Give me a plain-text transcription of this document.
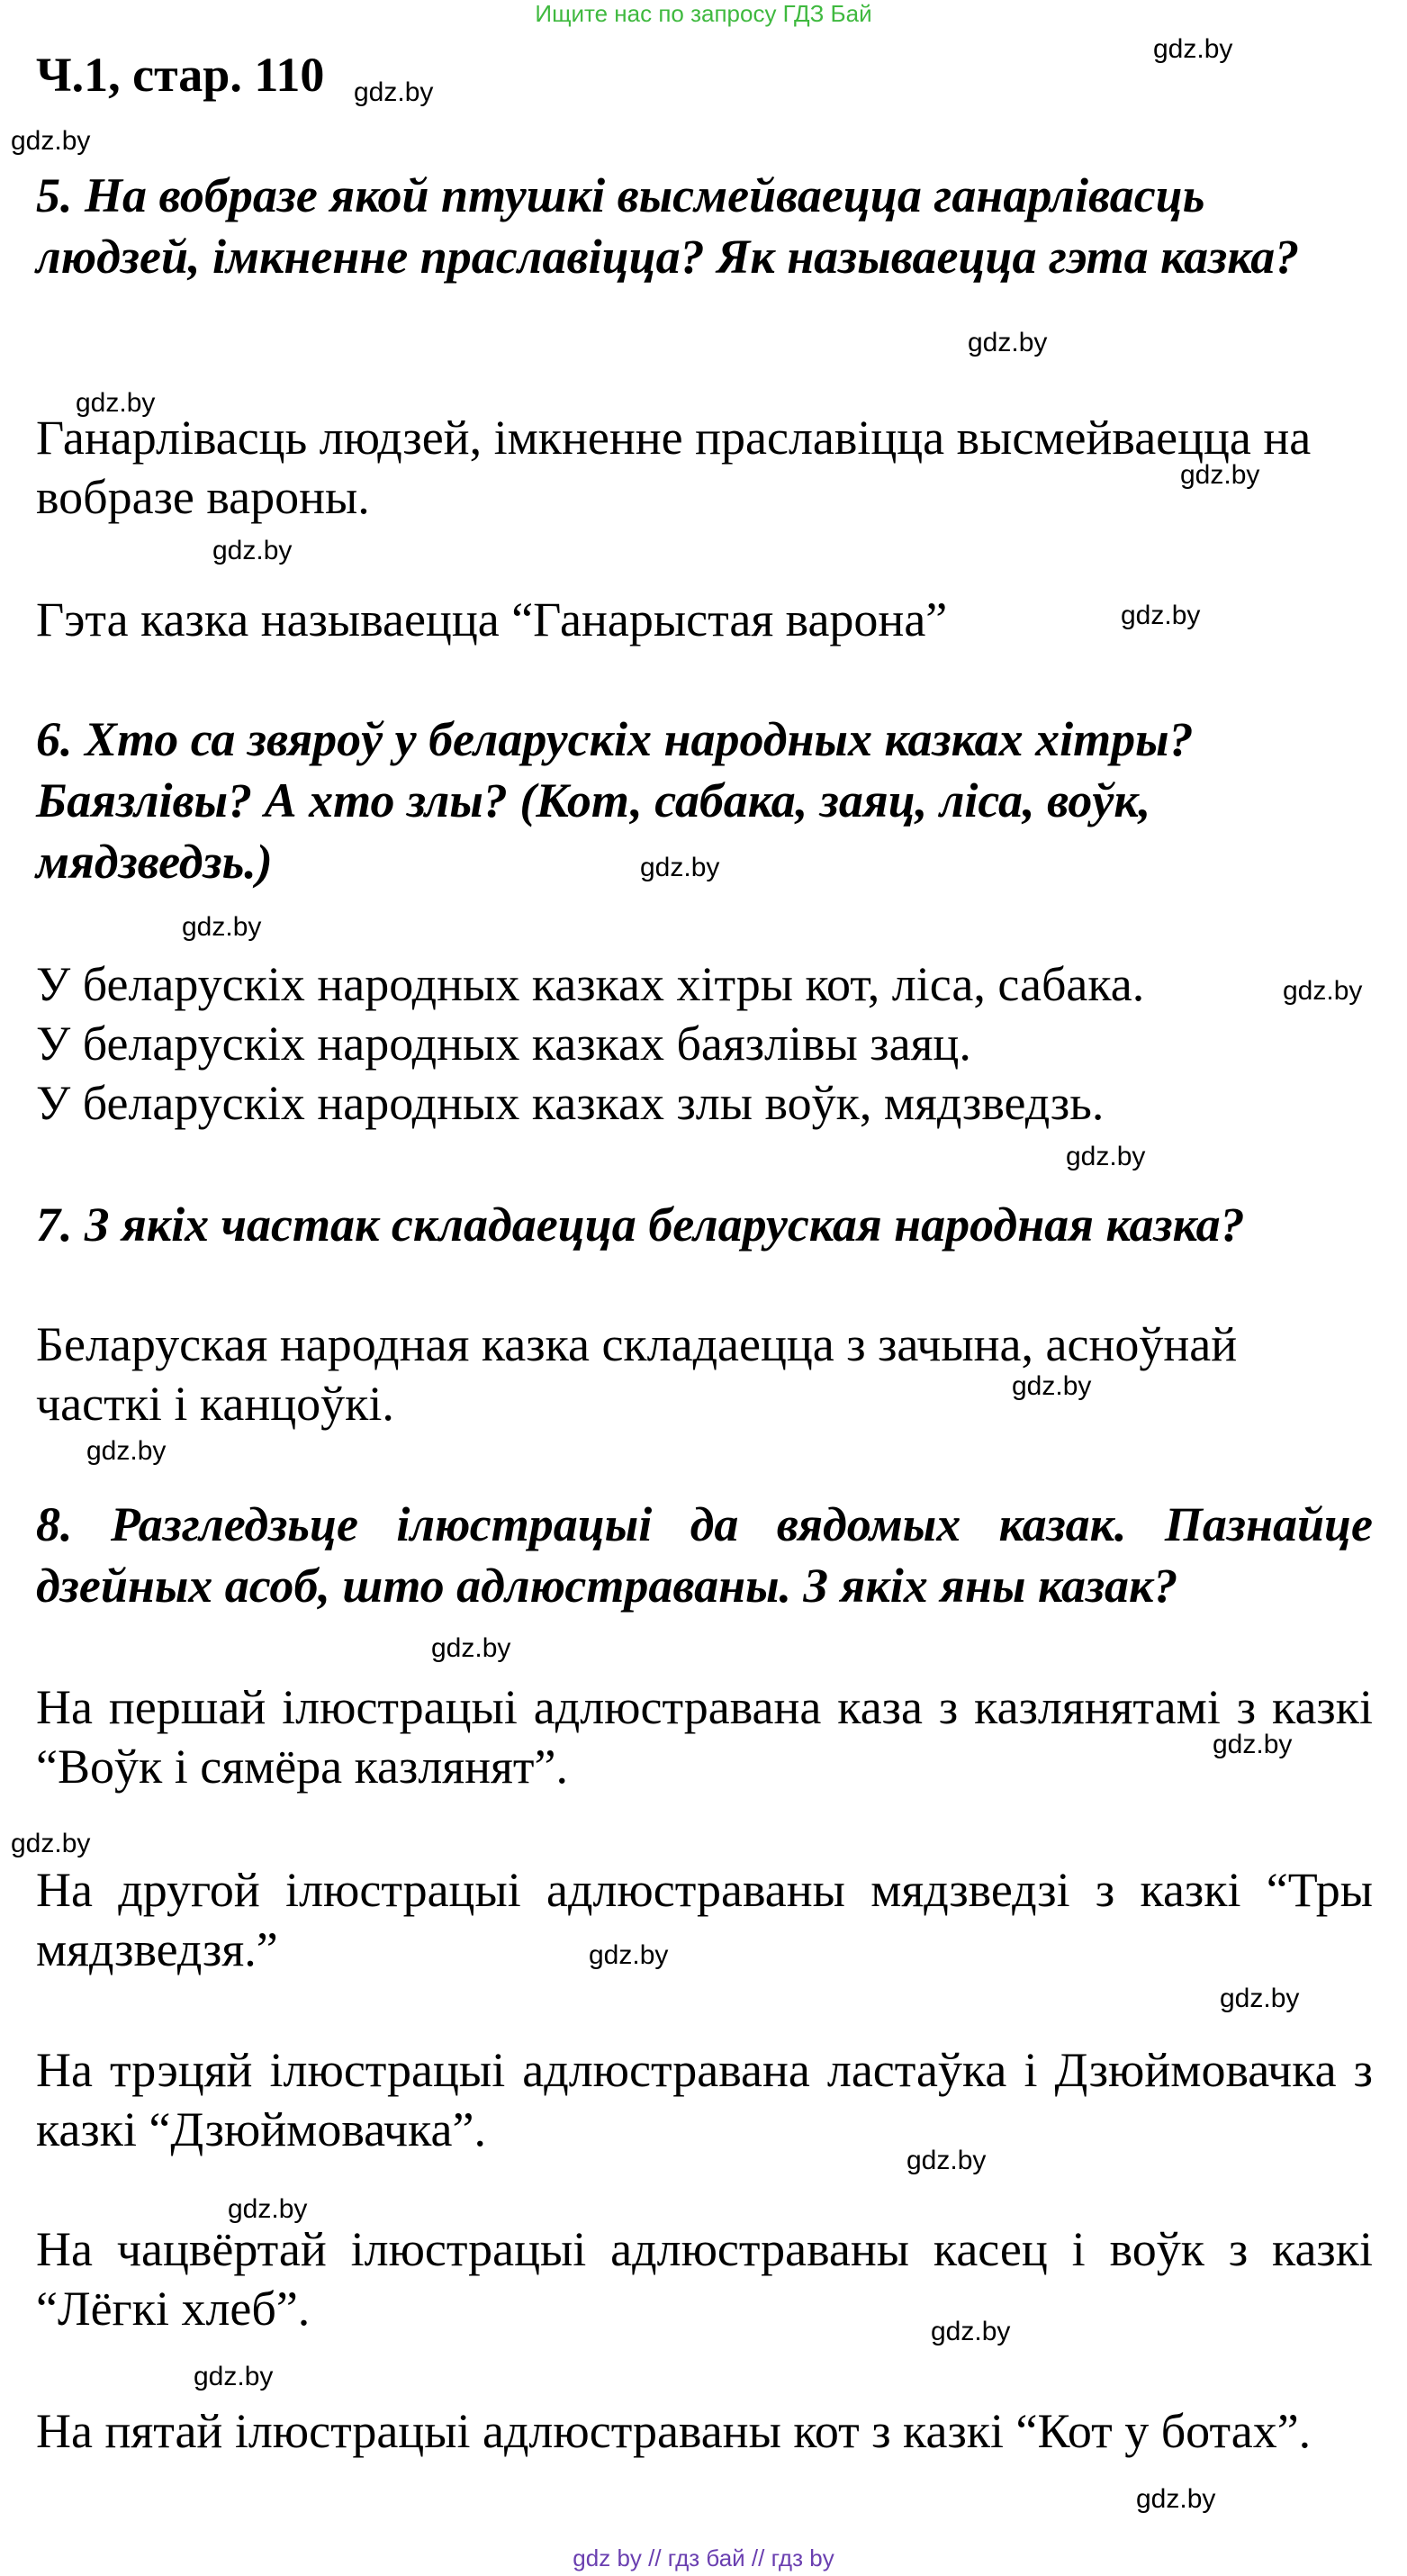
Ищите нас по запросу ГДЗ Бай
Ч.1, стар. 110

5. На вобразе якой птушкі высмейваецца ганарлівасць людзей, імкненне праславіцца? Як называецца гэта казка?

Ганарлівасць людзей, імкненне праславіцца высмейваецца на вобразе вароны.

Гэта казка называецца “Ганарыстая варона”

6. Хто са звяроў у беларускіх народных казках хітры? Баязлівы? А хто злы? (Кот, сабака, заяц, ліса, воўк, мядзведзь.)

У беларускіх народных казках хітры кот, ліса, сабака.

У беларускіх народных казках баязлівы заяц.

У беларускіх народных казках злы воўк, мядзведзь.

7. З якіх частак складаецца беларуская народная казка?

Беларуская народная казка складаецца з зачына, асноўнай часткі і канцоўкі.

8. Разгледзьце ілюстрацыі да вядомых казак. Пазнайце дзейных асоб, што адлюстраваны. З якіх яны казак?

На першай ілюстрацыі адлюстравана каза з казлянятамі з казкі “Воўк і сямёра казлянят”.

На другой ілюстрацыі адлюстраваны мядзведзі з казкі “Тры мядзведзя.”

На трэцяй ілюстрацыі адлюстравана ластаўка і Дзюймовачка з казкі “Дзюймовачка”.

На чацвёртай ілюстрацыі адлюстраваны касец і воўк з казкі “Лёгкі хлеб”.

На пятай ілюстрацыі адлюстраваны кот з казкі “Кот у ботах”.

gdz.by
gdz.by
gdz.by
gdz.by
gdz.by
gdz.by
gdz.by
gdz.by
gdz.by
gdz.by
gdz.by
gdz.by
gdz.by
gdz.by
gdz.by
gdz.by
gdz.by
gdz.by
gdz.by
gdz.by
gdz.by
gdz.by
gdz.by
gdz.by
gdz by // гдз бай // гдз by
